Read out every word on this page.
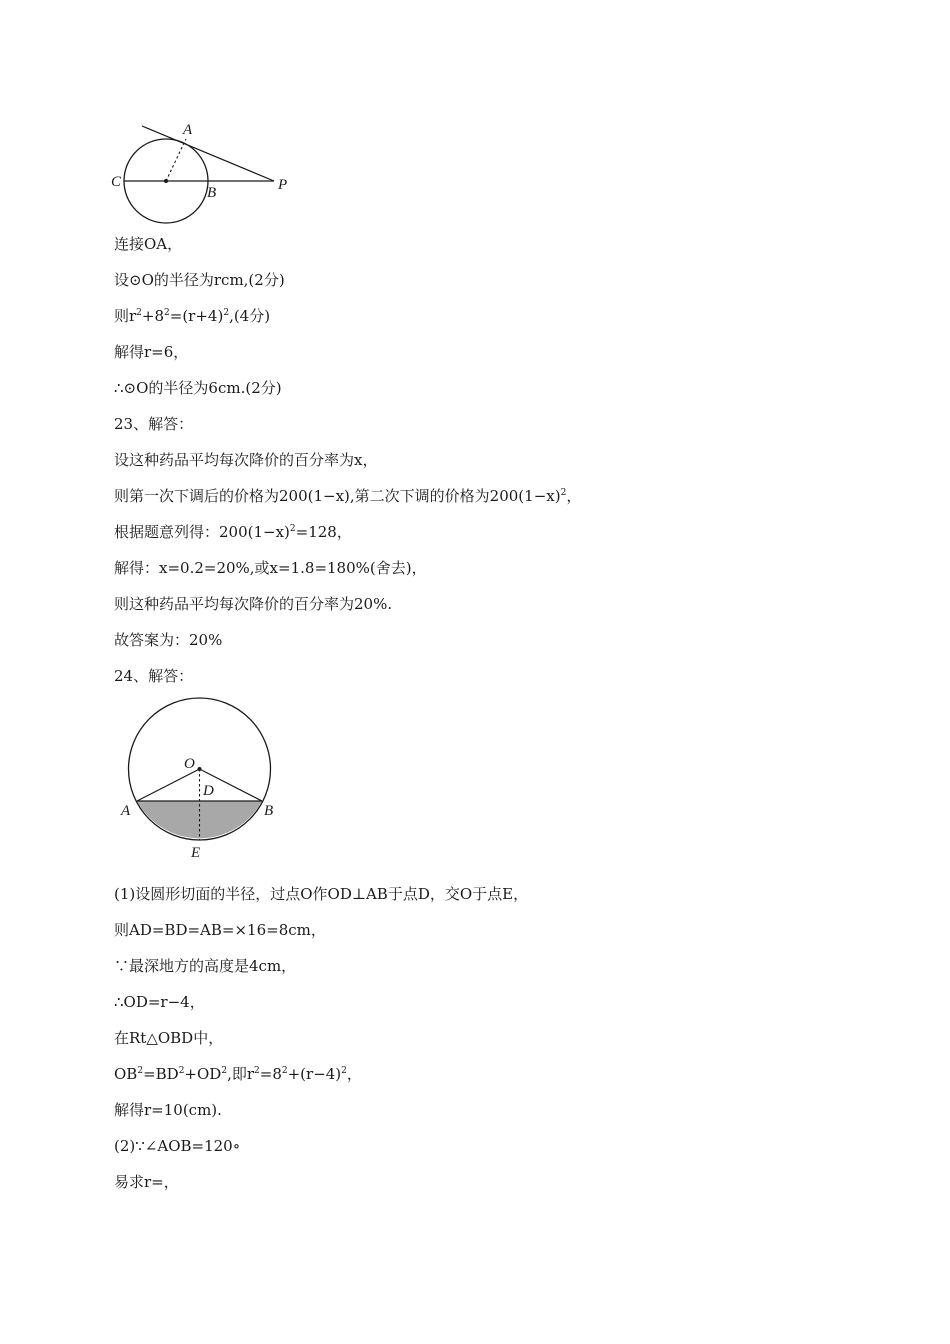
A
C
B	P
连接OA，
设⊙O的半径为rcm,(2分)
则$r^2+8^2=(r+4)^2,(4$分)
解得r=6，
∴⊙O的半径为6cm.(2分)
23、解答：
设这种药品平均每次降价的百分率为x，
则第一次下调后的价格为200(1−x),第二次下调的价格为$200(1-x)^2$，
根据题意列得：$200(1-x)^2=128$，
解得：x=0.2=20%,或x=1.8=180%(舍去)，
则这种药品平均每次降价的百分率为20%.
故答案为：20%
24、解答：
O
D
A	B
E
(1)设圆形切面的半径，过点O作OD⊥AB于点D，交O于点E，
则AD=BD=AB=×16=8cm，
∵最深地方的高度是4cm，
∴OD=r−4，
在Rt△OBD中，
$OB^2=BD^2+OD^2$,即$r^2=8^2+(r-4)^2$，
解得r=10(cm).
(2)∵∠AOB=120∘
易求r=，
